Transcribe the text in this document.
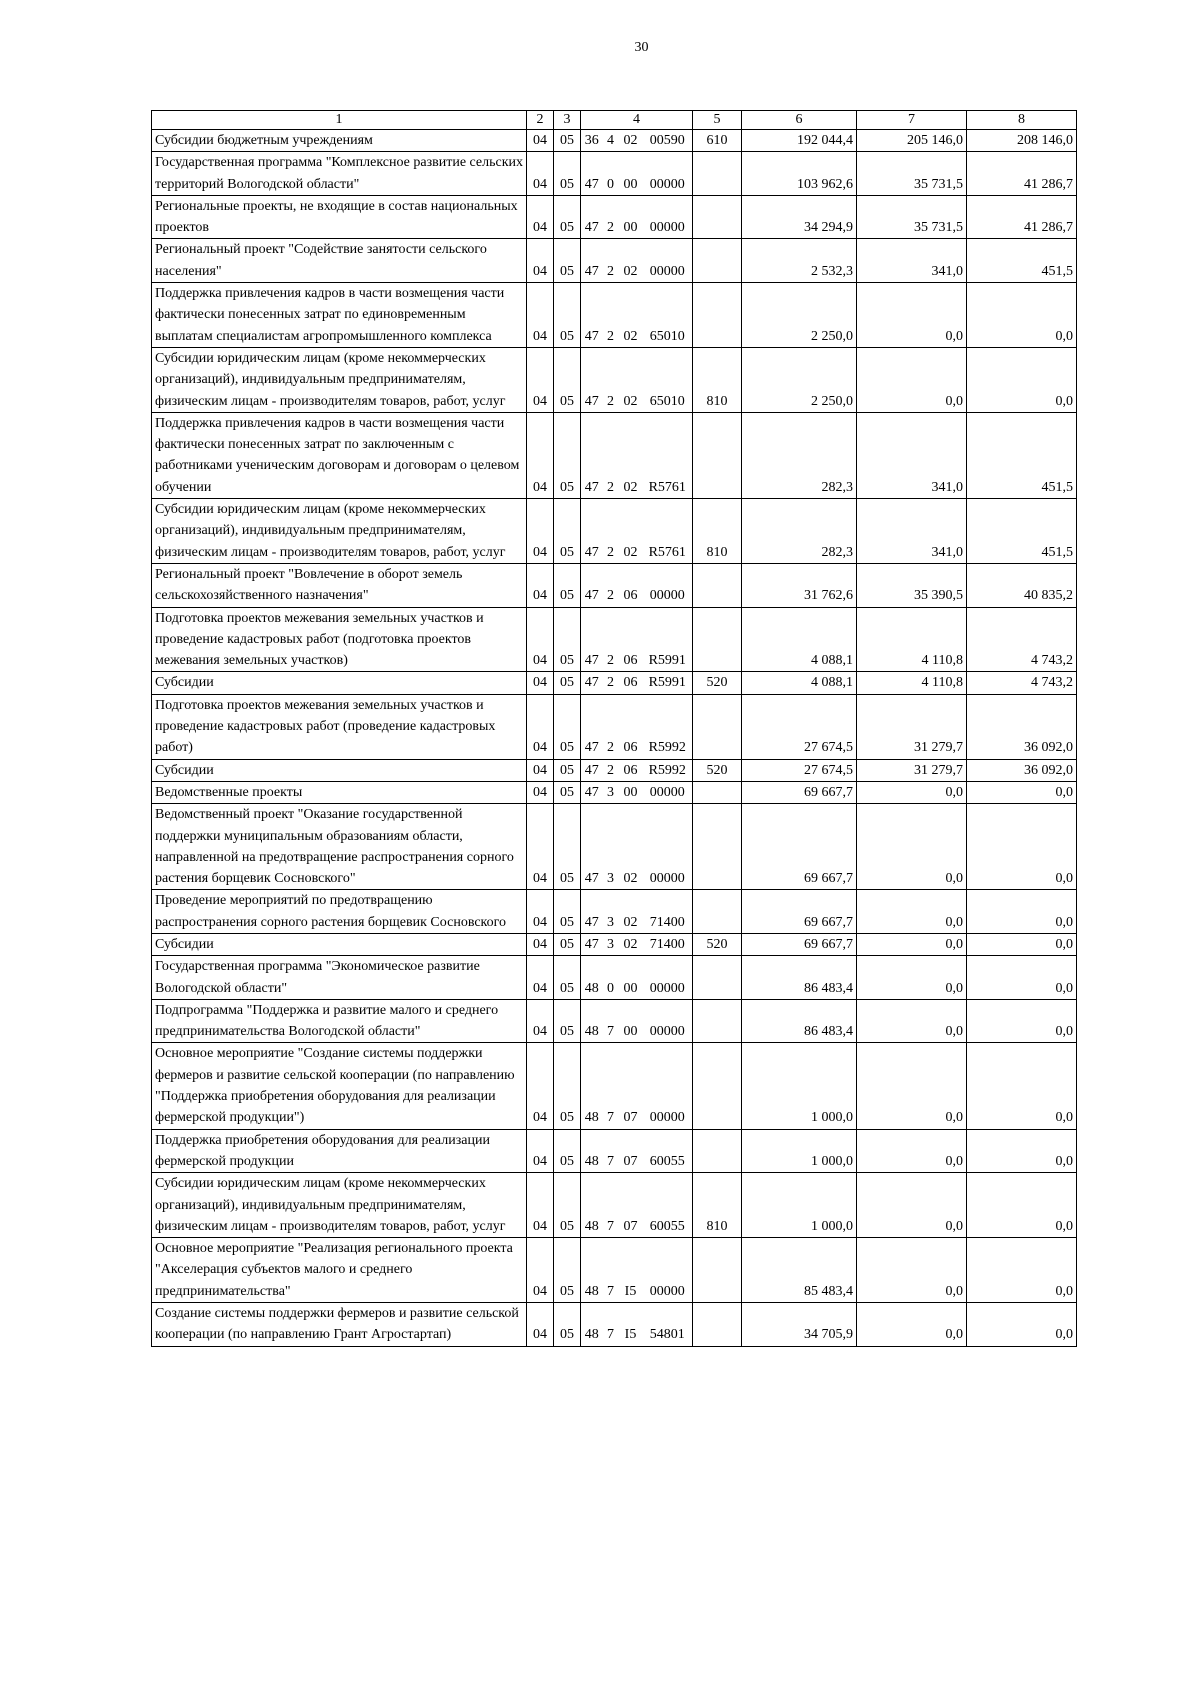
30
1	2	3	4				5	6	7	8
Субсидии бюджетным учреждениям	04	05	36	4	02	00590	610	192 044,4	205 146,0	208 146,0
Государственная программа "Комплексное развитие сельских территорий Вологодской области"	04	05	47	0	00	00000		103 962,6	35 731,5	41 286,7
Региональные проекты, не входящие в состав национальных проектов	04	05	47	2	00	00000		34 294,9	35 731,5	41 286,7
Региональный проект "Содействие занятости сельского населения"	04	05	47	2	02	00000		2 532,3	341,0	451,5
Поддержка привлечения кадров в части возмещения части фактически понесенных затрат по единовременным выплатам специалистам агропромышленного комплекса	04	05	47	2	02	65010		2 250,0	0,0	0,0
Субсидии юридическим лицам (кроме некоммерческих организаций), индивидуальным предпринимателям, физическим лицам - производителям товаров, работ, услуг	04	05	47	2	02	65010	810	2 250,0	0,0	0,0
Поддержка привлечения кадров в части возмещения части фактически понесенных затрат по заключенным с работниками ученическим договорам и договорам о целевом обучении	04	05	47	2	02	R5761		282,3	341,0	451,5
Субсидии юридическим лицам (кроме некоммерческих организаций), индивидуальным предпринимателям, физическим лицам - производителям товаров, работ, услуг	04	05	47	2	02	R5761	810	282,3	341,0	451,5
Региональный проект "Вовлечение в оборот земель сельскохозяйственного назначения"	04	05	47	2	06	00000		31 762,6	35 390,5	40 835,2
Подготовка проектов межевания земельных участков и проведение кадастровых работ (подготовка проектов межевания земельных участков)	04	05	47	2	06	R5991		4 088,1	4 110,8	4 743,2
Субсидии	04	05	47	2	06	R5991	520	4 088,1	4 110,8	4 743,2
Подготовка проектов межевания земельных участков и проведение кадастровых работ (проведение кадастровых работ)	04	05	47	2	06	R5992		27 674,5	31 279,7	36 092,0
Субсидии	04	05	47	2	06	R5992	520	27 674,5	31 279,7	36 092,0
Ведомственные проекты	04	05	47	3	00	00000		69 667,7	0,0	0,0
Ведомственный проект "Оказание государственной поддержки муниципальным образованиям области, направленной на предотвращение распространения сорного растения борщевик Сосновского"	04	05	47	3	02	00000		69 667,7	0,0	0,0
Проведение мероприятий по предотвращению распространения сорного растения борщевик Сосновского	04	05	47	3	02	71400		69 667,7	0,0	0,0
Субсидии	04	05	47	3	02	71400	520	69 667,7	0,0	0,0
Государственная программа "Экономическое развитие Вологодской области"	04	05	48	0	00	00000		86 483,4	0,0	0,0
Подпрограмма "Поддержка и развитие малого и среднего предпринимательства Вологодской области"	04	05	48	7	00	00000		86 483,4	0,0	0,0
Основное мероприятие "Создание системы поддержки фермеров и развитие сельской кооперации (по направлению "Поддержка приобретения оборудования для реализации фермерской продукции")	04	05	48	7	07	00000		1 000,0	0,0	0,0
Поддержка приобретения оборудования для реализации фермерской продукции	04	05	48	7	07	60055		1 000,0	0,0	0,0
Субсидии юридическим лицам (кроме некоммерческих организаций), индивидуальным предпринимателям, физическим лицам - производителям товаров, работ, услуг	04	05	48	7	07	60055	810	1 000,0	0,0	0,0
Основное мероприятие "Реализация регионального проекта "Акселерация субъектов малого и среднего предпринимательства"	04	05	48	7	I5	00000		85 483,4	0,0	0,0
Создание системы поддержки фермеров и развитие сельской кооперации (по направлению Грант Агростартап)	04	05	48	7	I5	54801		34 705,9	0,0	0,0
